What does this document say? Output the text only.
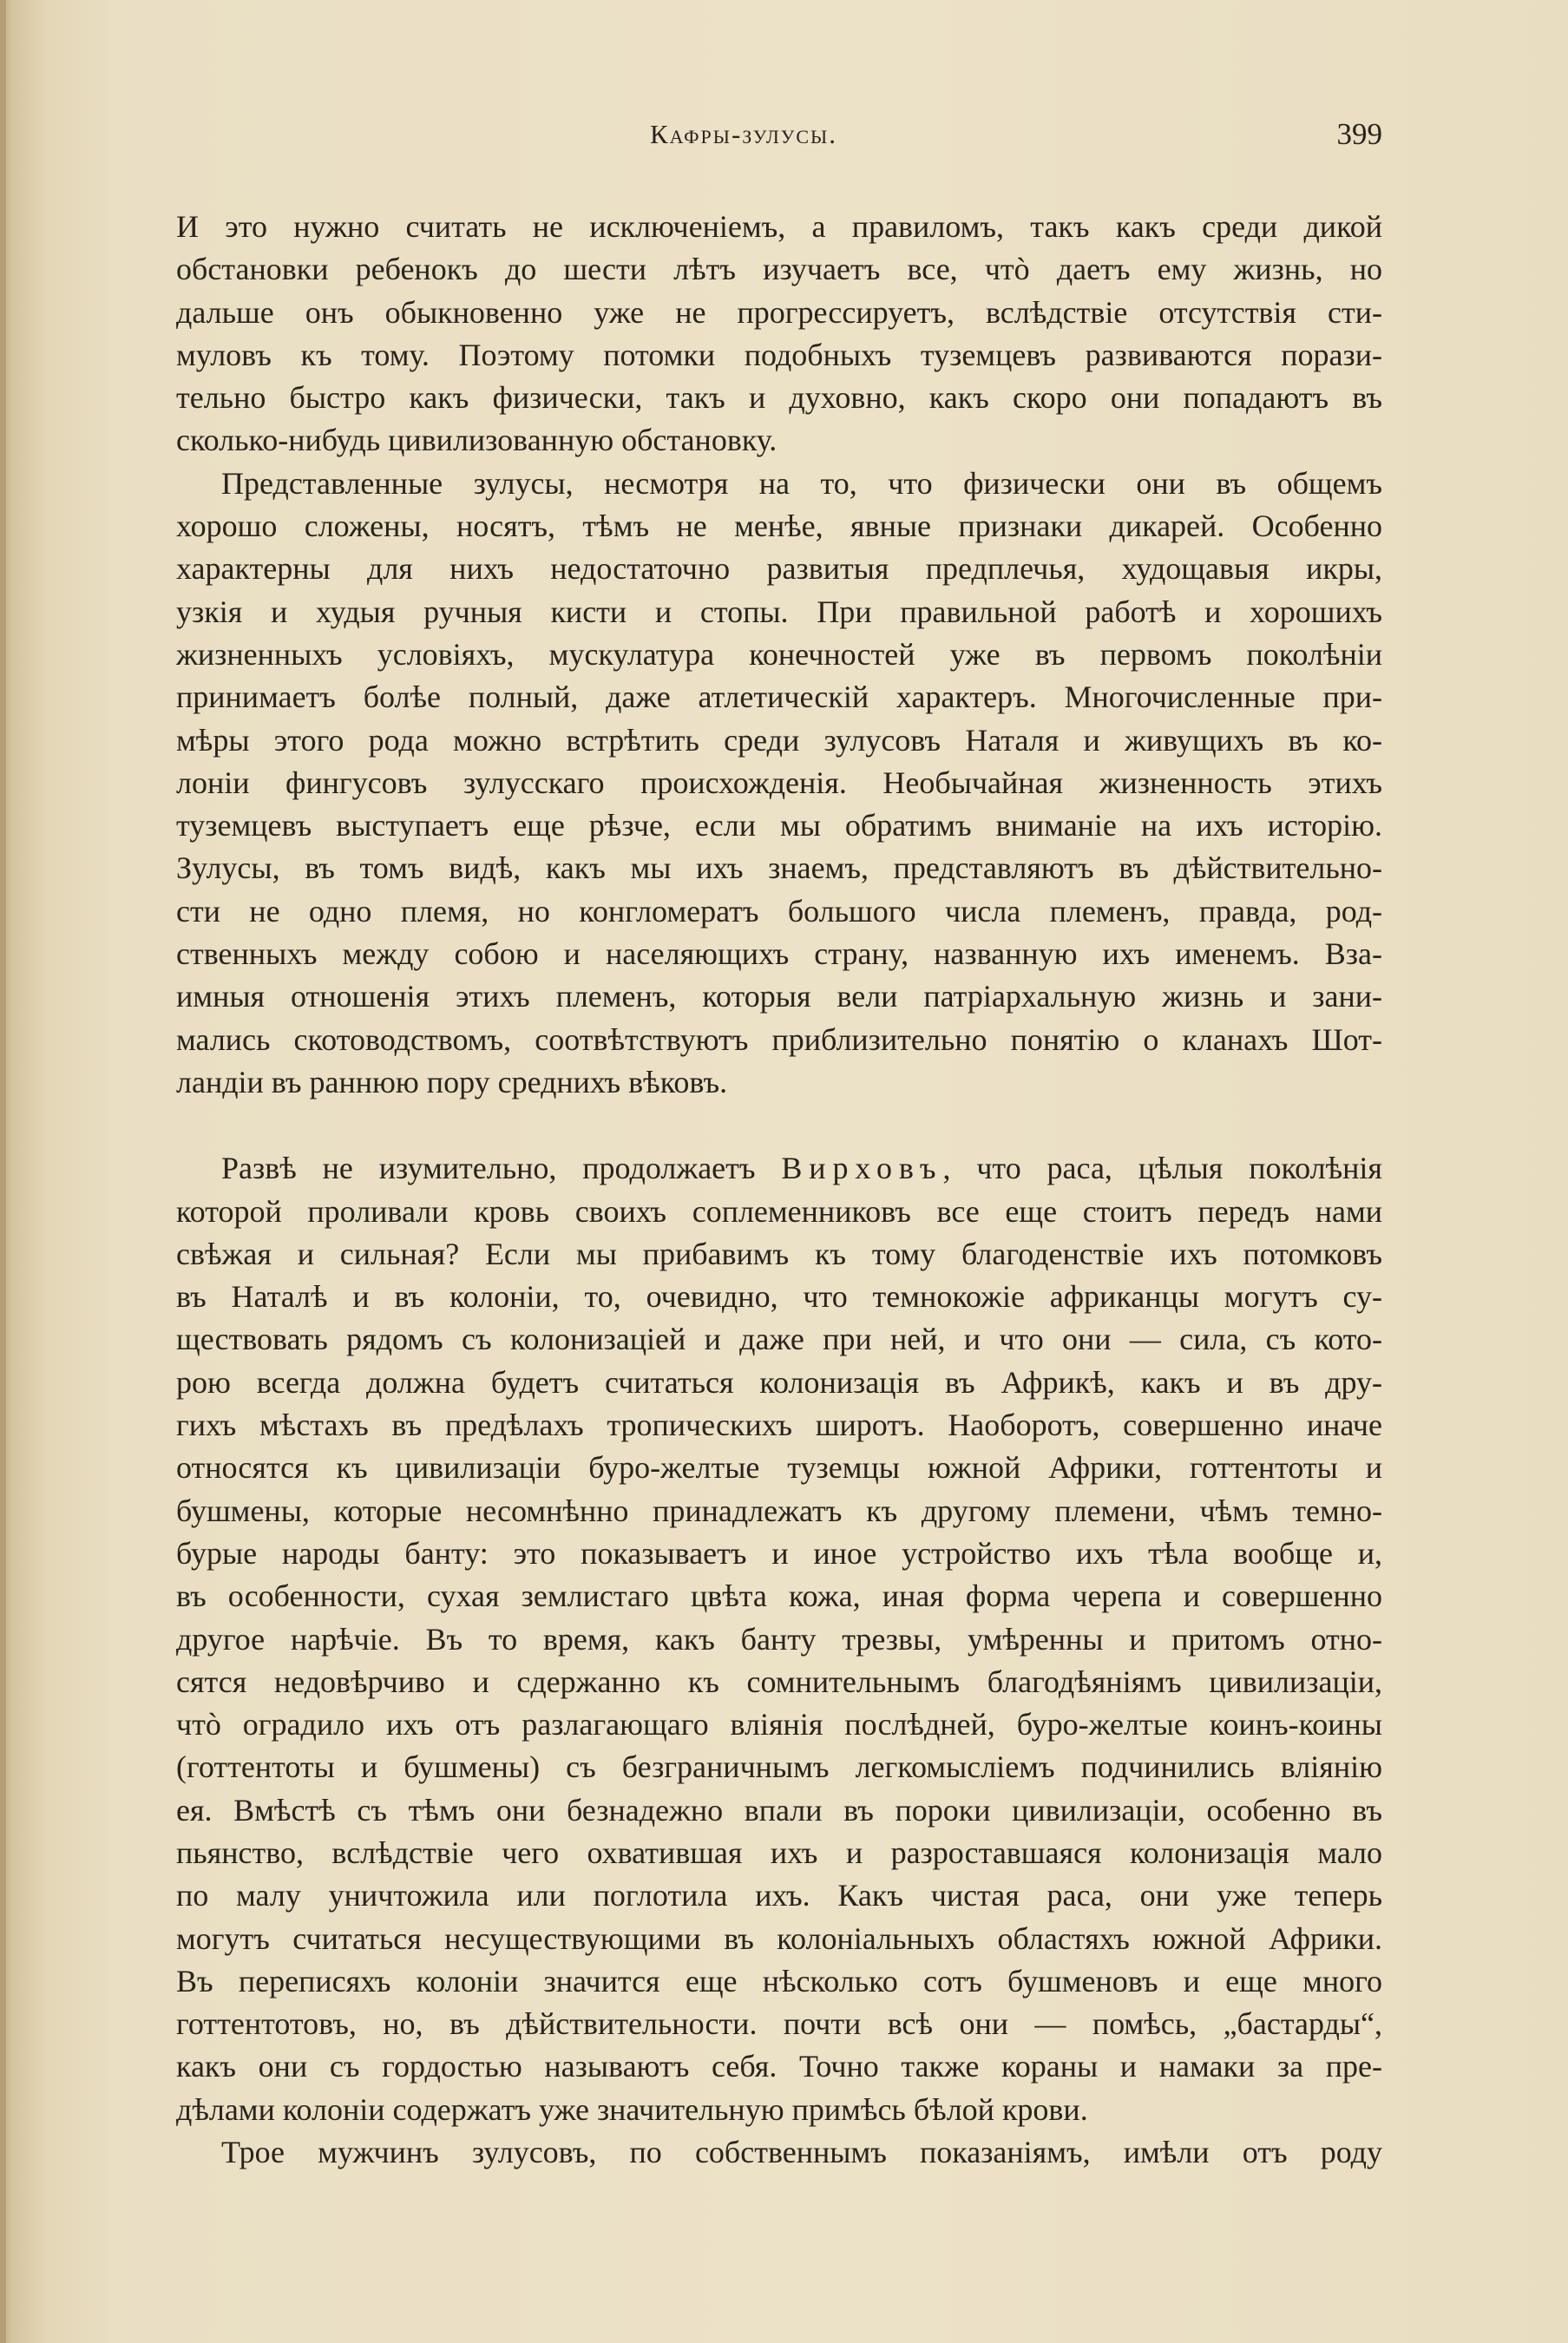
Кафры-зулусы.	399
И это нужно считать не исключеніемъ, а правиломъ, такъ какъ среди дикой
обстановки ребенокъ до шести лѣтъ изучаетъ все, чтò даетъ ему жизнь, но
дальше онъ обыкновенно уже не прогрессируетъ, вслѣдствіе отсутствія сти-
муловъ къ тому. Поэтому потомки подобныхъ туземцевъ развиваются порази-
тельно быстро какъ физически, такъ и духовно, какъ скоро они попадаютъ въ
сколько-нибудь цивилизованную обстановку.
Представленные зулусы, несмотря на то, что физически они въ общемъ
хорошо сложены, носятъ, тѣмъ не менѣе, явные признаки дикарей. Особенно
характерны для нихъ недостаточно развитыя предплечья, худощавыя икры,
узкія и худыя ручныя кисти и стопы. При правильной работѣ и хорошихъ
жизненныхъ условіяхъ, мускулатура конечностей уже въ первомъ поколѣніи
принимаетъ болѣе полный, даже атлетическій характеръ. Многочисленные при-
мѣры этого рода можно встрѣтить среди зулусовъ Наталя и живущихъ въ ко-
лоніи фингусовъ зулусскаго происхожденія. Необычайная жизненность этихъ
туземцевъ выступаетъ еще рѣзче, если мы обратимъ вниманіе на ихъ исторію.
Зулусы, въ томъ видѣ, какъ мы ихъ знаемъ, представляютъ въ дѣйствительно-
сти не одно племя, но конгломератъ большого числа племенъ, правда, род-
ственныхъ между собою и населяющихъ страну, названную ихъ именемъ. Вза-
имныя отношенія этихъ племенъ, которыя вели патріархальную жизнь и зани-
мались скотоводствомъ, соотвѣтствуютъ приблизительно понятію о кланахъ Шот-
ландіи въ раннюю пору среднихъ вѣковъ.
Развѣ не изумительно, продолжаетъ Вирховъ, что раса, цѣлыя поколѣнія
которой проливали кровь своихъ соплеменниковъ все еще стоитъ передъ нами
свѣжая и сильная? Если мы прибавимъ къ тому благоденствіе ихъ потомковъ
въ Наталѣ и въ колоніи, то, очевидно, что темнокожіе африканцы могутъ су-
ществовать рядомъ съ колонизаціей и даже при ней, и что они — сила, съ кото-
рою всегда должна будетъ считаться колонизація въ Африкѣ, какъ и въ дру-
гихъ мѣстахъ въ предѣлахъ тропическихъ широтъ. Наоборотъ, совершенно иначе
относятся къ цивилизаціи буро-желтые туземцы южной Африки, готтентоты и
бушмены, которые несомнѣнно принадлежатъ къ другому племени, чѣмъ темно-
бурые народы банту: это показываетъ и иное устройство ихъ тѣла вообще и,
въ особенности, сухая землистаго цвѣта кожа, иная форма черепа и совершенно
другое нарѣчіе. Въ то время, какъ банту трезвы, умѣренны и притомъ отно-
сятся недовѣрчиво и сдержанно къ сомнительнымъ благодѣяніямъ цивилизаціи,
чтò оградило ихъ отъ разлагающаго вліянія послѣдней, буро-желтые коинъ-коины
(готтентоты и бушмены) съ безграничнымъ легкомысліемъ подчинились вліянію
ея. Вмѣстѣ съ тѣмъ они безнадежно впали въ пороки цивилизаціи, особенно въ
пьянство, вслѣдствіе чего охватившая ихъ и разроставшаяся колонизація мало
по малу уничтожила или поглотила ихъ. Какъ чистая раса, они уже теперь
могутъ считаться несуществующими въ колоніальныхъ областяхъ южной Африки.
Въ переписяхъ колоніи значится еще нѣсколько сотъ бушменовъ и еще много
готтентотовъ, но, въ дѣйствительности. почти всѣ они — помѣсь, „бастарды“,
какъ они съ гордостью называютъ себя. Точно также кораны и намаки за пре-
дѣлами колоніи содержатъ уже значительную примѣсь бѣлой крови.
Трое мужчинъ зулусовъ, по собственнымъ показаніямъ, имѣли отъ роду
